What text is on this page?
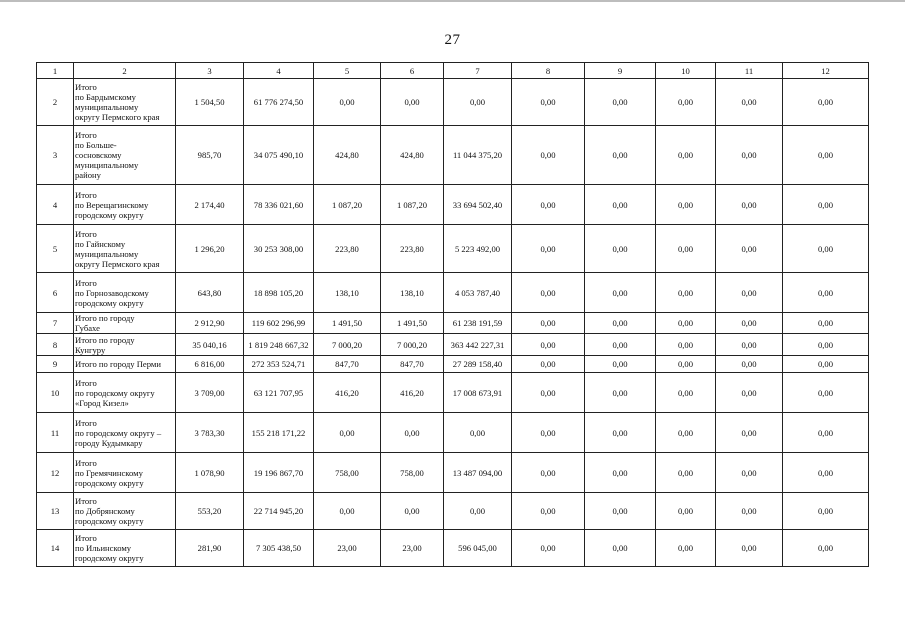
27
1	2	3	4	5	6	7	8	9	10	11	12
2	Итого
по Бардымскому
муниципальному
округу Пермского края	1 504,50	61 776 274,50	0,00	0,00	0,00	0,00	0,00	0,00	0,00	0,00
3	Итого
по Больше-
сосновскому
муниципальному
району	985,70	34 075 490,10	424,80	424,80	11 044 375,20	0,00	0,00	0,00	0,00	0,00
4	Итого
по Верещагинскому
городскому округу	2 174,40	78 336 021,60	1 087,20	1 087,20	33 694 502,40	0,00	0,00	0,00	0,00	0,00
5	Итого
по Гайнскому
муниципальному
округу Пермского края	1 296,20	30 253 308,00	223,80	223,80	5 223 492,00	0,00	0,00	0,00	0,00	0,00
6	Итого
по Горнозаводскому
городскому округу	643,80	18 898 105,20	138,10	138,10	4 053 787,40	0,00	0,00	0,00	0,00	0,00
7	Итого по городу
Губахе	2 912,90	119 602 296,99	1 491,50	1 491,50	61 238 191,59	0,00	0,00	0,00	0,00	0,00
8	Итого по городу
Кунгуру	35 040,16	1 819 248 667,32	7 000,20	7 000,20	363 442 227,31	0,00	0,00	0,00	0,00	0,00
9	Итого по городу Перми	6 816,00	272 353 524,71	847,70	847,70	27 289 158,40	0,00	0,00	0,00	0,00	0,00
10	Итого
по городскому округу
«Город Кизел»	3 709,00	63 121 707,95	416,20	416,20	17 008 673,91	0,00	0,00	0,00	0,00	0,00
11	Итого
по городскому округу –
городу Кудымкару	3 783,30	155 218 171,22	0,00	0,00	0,00	0,00	0,00	0,00	0,00	0,00
12	Итого
по Гремячинскому
городскому округу	1 078,90	19 196 867,70	758,00	758,00	13 487 094,00	0,00	0,00	0,00	0,00	0,00
13	Итого
по Добрянскому
городскому округу	553,20	22 714 945,20	0,00	0,00	0,00	0,00	0,00	0,00	0,00	0,00
14	Итого
по Ильинскому
городскому округу	281,90	7 305 438,50	23,00	23,00	596 045,00	0,00	0,00	0,00	0,00	0,00
